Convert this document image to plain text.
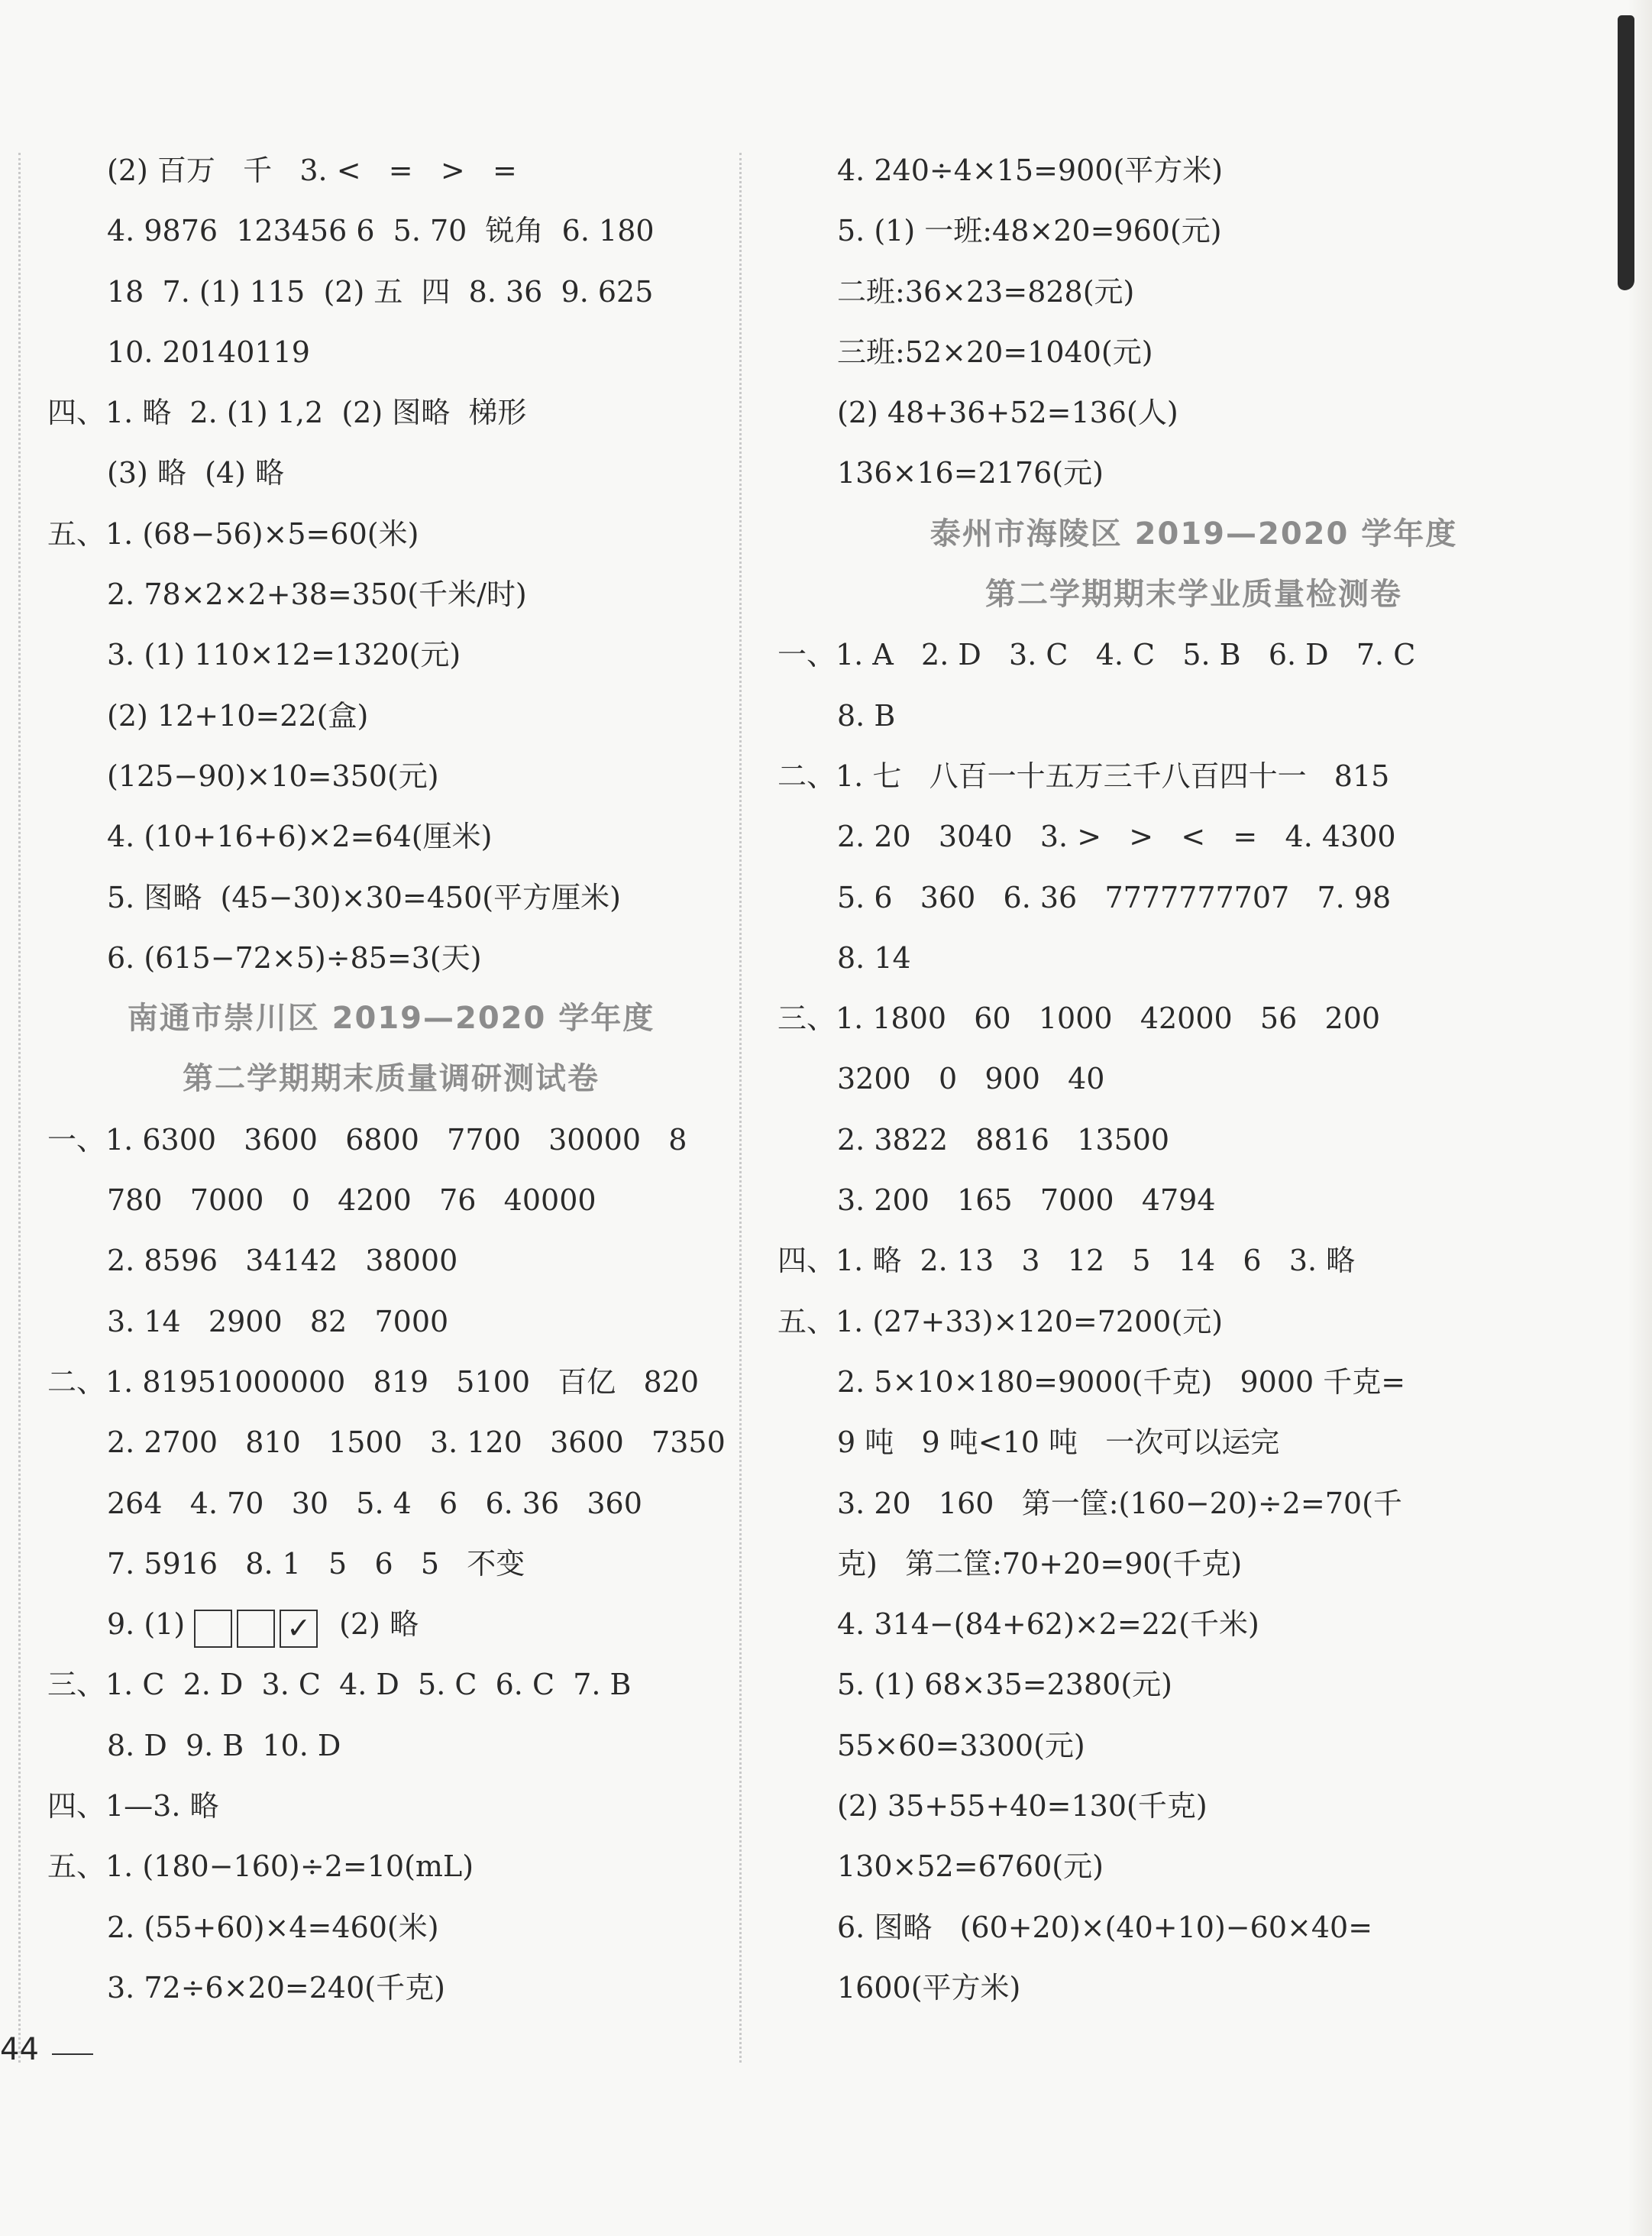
(2) 百万   千   3. <   =   >   =
4. 9876  123456 6  5. 70  锐角  6. 180
18  7. (1) 115  (2) 五  四  8. 36  9. 625
10. 20140119
四、1. 略  2. (1) 1,2  (2) 图略  梯形
(3) 略  (4) 略
五、1. (68−56)×5=60(米)
2. 78×2×2+38=350(千米/时)
3. (1) 110×12=1320(元)
(2) 12+10=22(盒)
(125−90)×10=350(元)
4. (10+16+6)×2=64(厘米)
5. 图略  (45−30)×30=450(平方厘米)
6. (615−72×5)÷85=3(天)
南通市崇川区 2019—2020 学年度
第二学期期末质量调研测试卷
一、1. 6300   3600   6800   7700   30000   8
780   7000   0   4200   76   40000
2. 8596   34142   38000
3. 14   2900   82   7000
二、1. 81951000000   819   5100   百亿   820
2. 2700   810   1500   3. 120   3600   7350
264   4. 70   30   5. 4   6   6. 36   360
7. 5916   8. 1   5   6   5   不变
9. (1)	✓ (2) 略
三、1. C  2. D  3. C  4. D  5. C  6. C  7. B
8. D  9. B  10. D
四、1—3. 略
五、1. (180−160)÷2=10(mL)
2. (55+60)×4=460(米)
3. 72÷6×20=240(千克)
4. 240÷4×15=900(平方米)
5. (1) 一班:48×20=960(元)
二班:36×23=828(元)
三班:52×20=1040(元)
(2) 48+36+52=136(人)
136×16=2176(元)
泰州市海陵区 2019—2020 学年度
第二学期期末学业质量检测卷
一、1. A   2. D   3. C   4. C   5. B   6. D   7. C
8. B
二、1. 七   八百一十五万三千八百四十一   815
2. 20   3040   3. >   >   <   =   4. 4300
5. 6   360   6. 36   7777777707   7. 98
8. 14
三、1. 1800   60   1000   42000   56   200
3200   0   900   40
2. 3822   8816   13500
3. 200   165   7000   4794
四、1. 略  2. 13   3   12   5   14   6   3. 略
五、1. (27+33)×120=7200(元)
2. 5×10×180=9000(千克)   9000 千克=
9 吨   9 吨<10 吨   一次可以运完
3. 20   160   第一筐:(160−20)÷2=70(千
克)   第二筐:70+20=90(千克)
4. 314−(84+62)×2=22(千米)
5. (1) 68×35=2380(元)
55×60=3300(元)
(2) 35+55+40=130(千克)
130×52=6760(元)
6. 图略   (60+20)×(40+10)−60×40=
1600(平方米)
44
